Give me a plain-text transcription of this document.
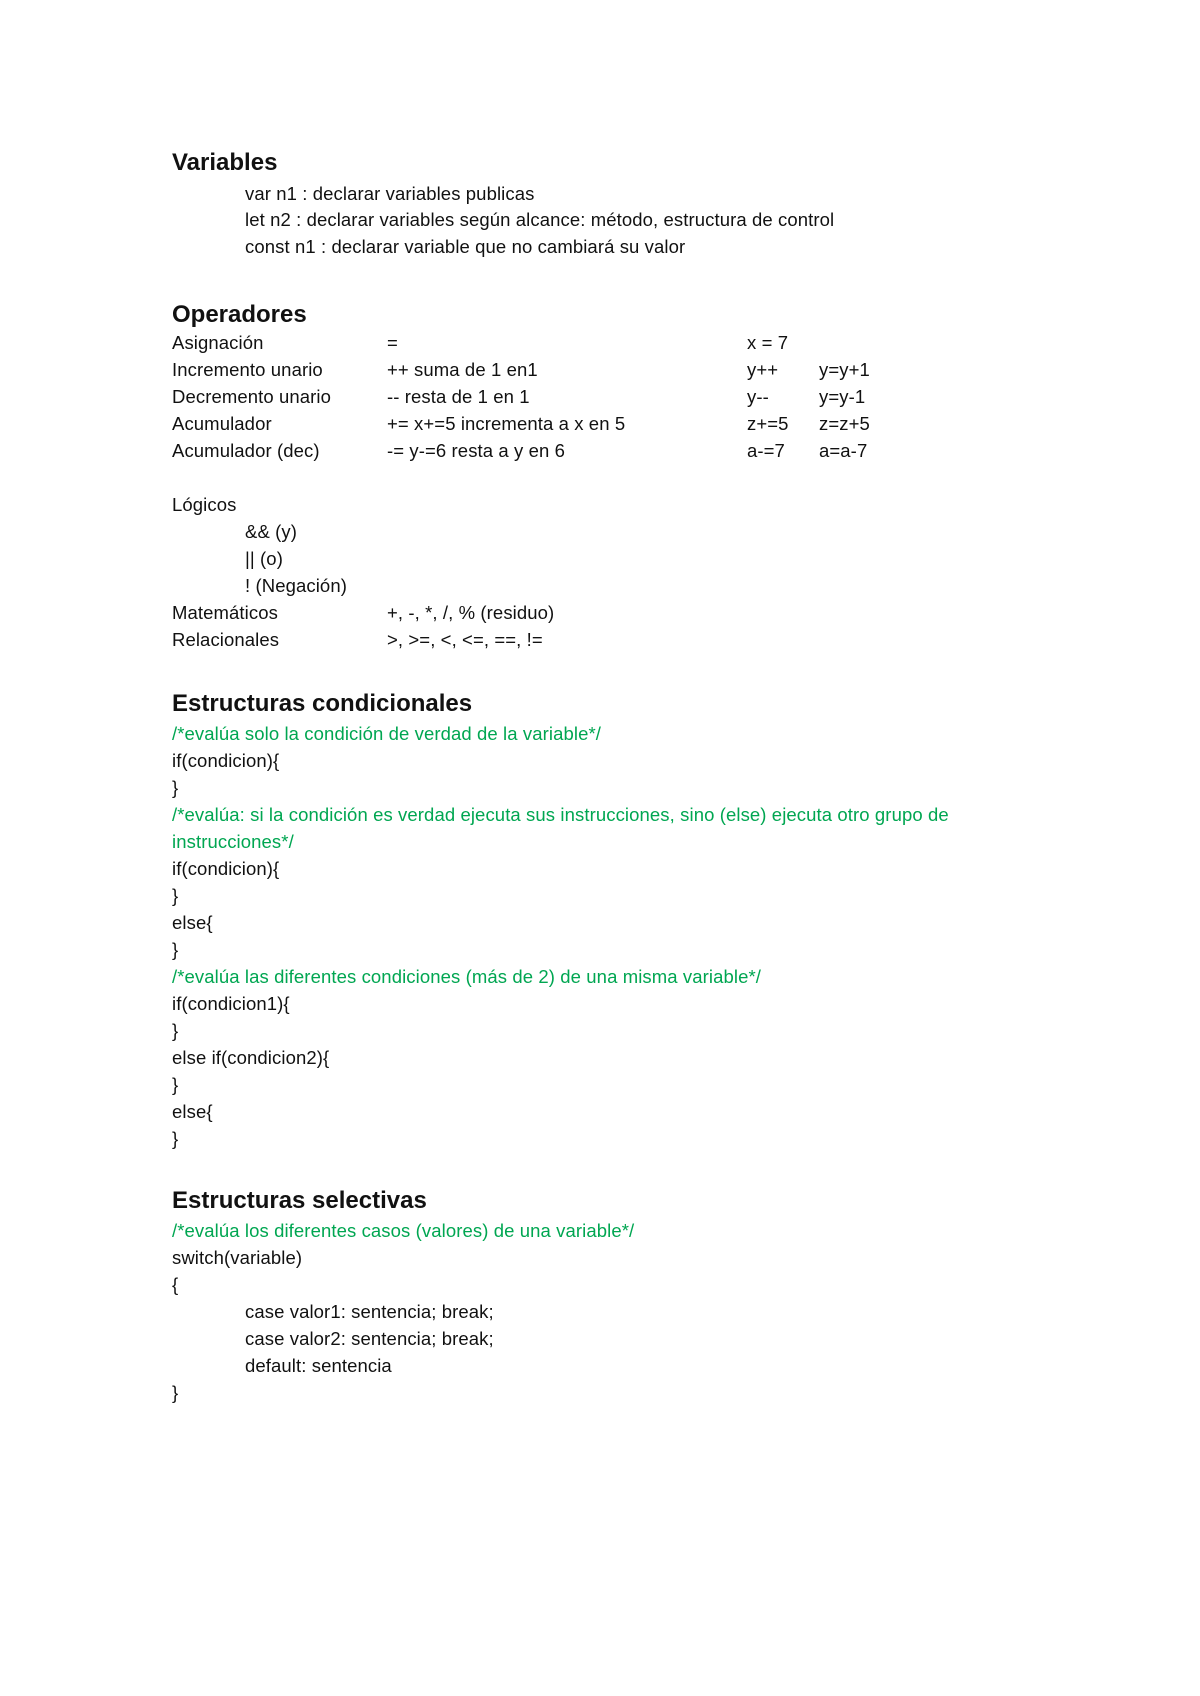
Variables
var n1 : declarar variables publicas
let n2 : declarar variables según alcance: método, estructura de control
const n1 : declarar variable que no cambiará su valor
Operadores
Asignación	=	x = 7
Incremento unario	++ suma de 1 en1	y++ y=y+1
Decremento unario	-- resta de 1 en 1	y--	y=y-1
Acumulador	+= x+=5 incrementa a x en 5	z+=5 z=z+5
Acumulador (dec)	-= y-=6 resta a y en 6	a-=7 a=a-7
Lógicos
&& (y)
|| (o)
! (Negación)
Matemáticos	+, -, *, /, % (residuo)
Relacionales	>, >=, <, <=, ==, !=
Estructuras condicionales
/*evalúa solo la condición de verdad de la variable*/
if(condicion){
}
/*evalúa: si la condición es verdad ejecuta sus instrucciones, sino (else) ejecuta otro grupo de instrucciones*/
if(condicion){
}
else{
}
/*evalúa las diferentes condiciones (más de 2) de una misma variable*/
if(condicion1){
}
else if(condicion2){
}
else{
}
Estructuras selectivas
/*evalúa los diferentes casos (valores) de una variable*/
switch(variable)
{
case valor1: sentencia; break;
case valor2: sentencia; break;
default: sentencia
}
